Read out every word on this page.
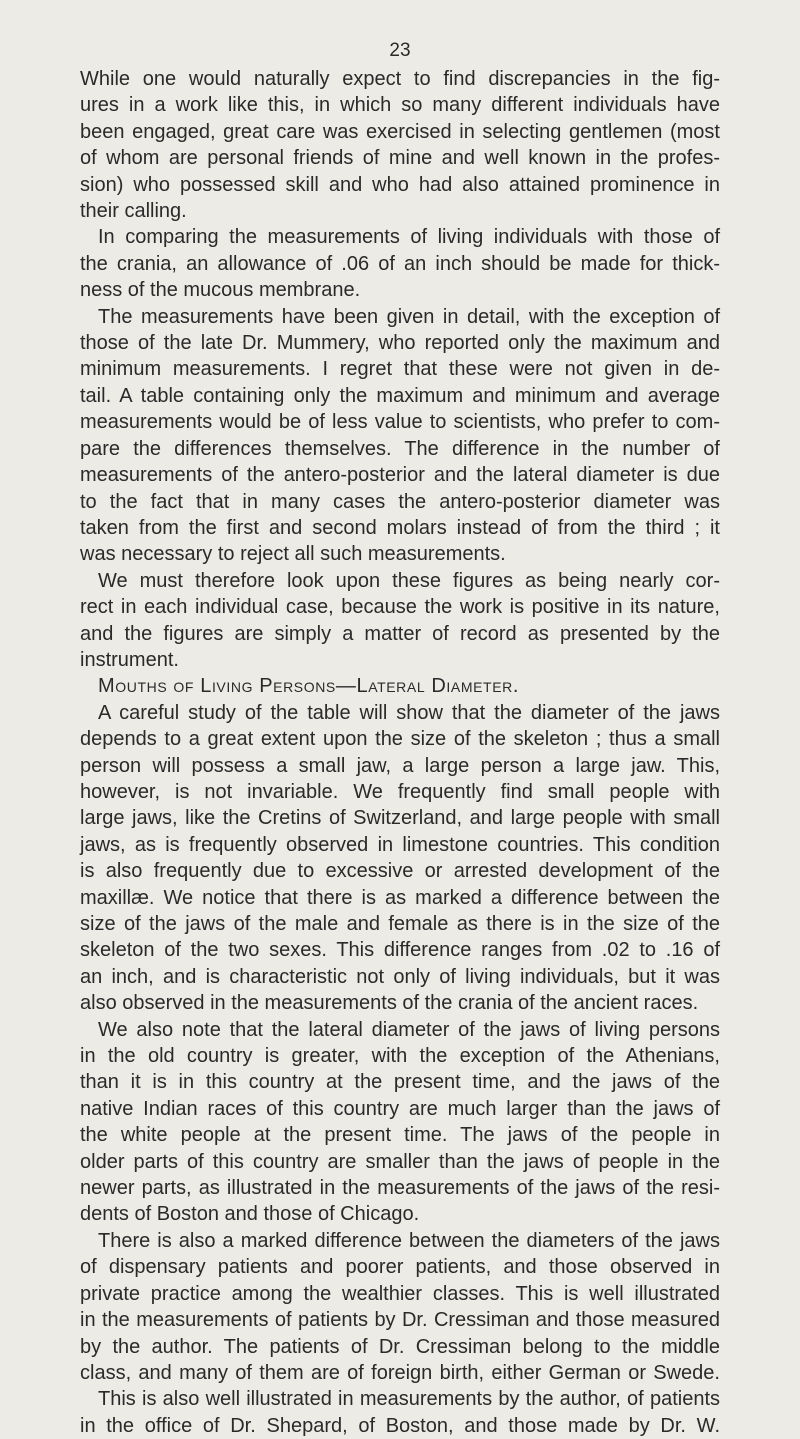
23
While one would naturally expect to find discrepancies in the fig-
ures in a work like this, in which so many different individuals have
been engaged, great care was exercised in selecting gentlemen (most
of whom are personal friends of mine and well known in the profes-
sion) who possessed skill and who had also attained prominence in
their calling.
In comparing the measurements of living individuals with those of
the crania, an allowance of .06 of an inch should be made for thick-
ness of the mucous membrane.
The measurements have been given in detail, with the exception of
those of the late Dr. Mummery, who reported only the maximum and
minimum measurements. I regret that these were not given in de-
tail. A table containing only the maximum and minimum and average
measurements would be of less value to scientists, who prefer to com-
pare the differences themselves. The difference in the number of
measurements of the antero-posterior and the lateral diameter is due
to the fact that in many cases the antero-posterior diameter was
taken from the first and second molars instead of from the third ; it
was necessary to reject all such measurements.
We must therefore look upon these figures as being nearly cor-
rect in each individual case, because the work is positive in its nature,
and the figures are simply a matter of record as presented by the
instrument.
Mouths of Living Persons—Lateral Diameter.
A careful study of the table will show that the diameter of the jaws
depends to a great extent upon the size of the skeleton ; thus a small
person will possess a small jaw, a large person a large jaw. This,
however, is not invariable. We frequently find small people with
large jaws, like the Cretins of Switzerland, and large people with small
jaws, as is frequently observed in limestone countries. This condition
is also frequently due to excessive or arrested development of the
maxillæ. We notice that there is as marked a difference between the
size of the jaws of the male and female as there is in the size of the
skeleton of the two sexes. This difference ranges from .02 to .16 of
an inch, and is characteristic not only of living individuals, but it was
also observed in the measurements of the crania of the ancient races.
We also note that the lateral diameter of the jaws of living persons
in the old country is greater, with the exception of the Athenians,
than it is in this country at the present time, and the jaws of the
native Indian races of this country are much larger than the jaws of
the white people at the present time. The jaws of the people in
older parts of this country are smaller than the jaws of people in the
newer parts, as illustrated in the measurements of the jaws of the resi-
dents of Boston and those of Chicago.
There is also a marked difference between the diameters of the jaws
of dispensary patients and poorer patients, and those observed in
private practice among the wealthier classes. This is well illustrated
in the measurements of patients by Dr. Cressiman and those measured
by the author. The patients of Dr. Cressiman belong to the middle
class, and many of them are of foreign birth, either German or Swede.
This is also well illustrated in measurements by the author, of patients
in the office of Dr. Shepard, of Boston, and those made by Dr. W.
